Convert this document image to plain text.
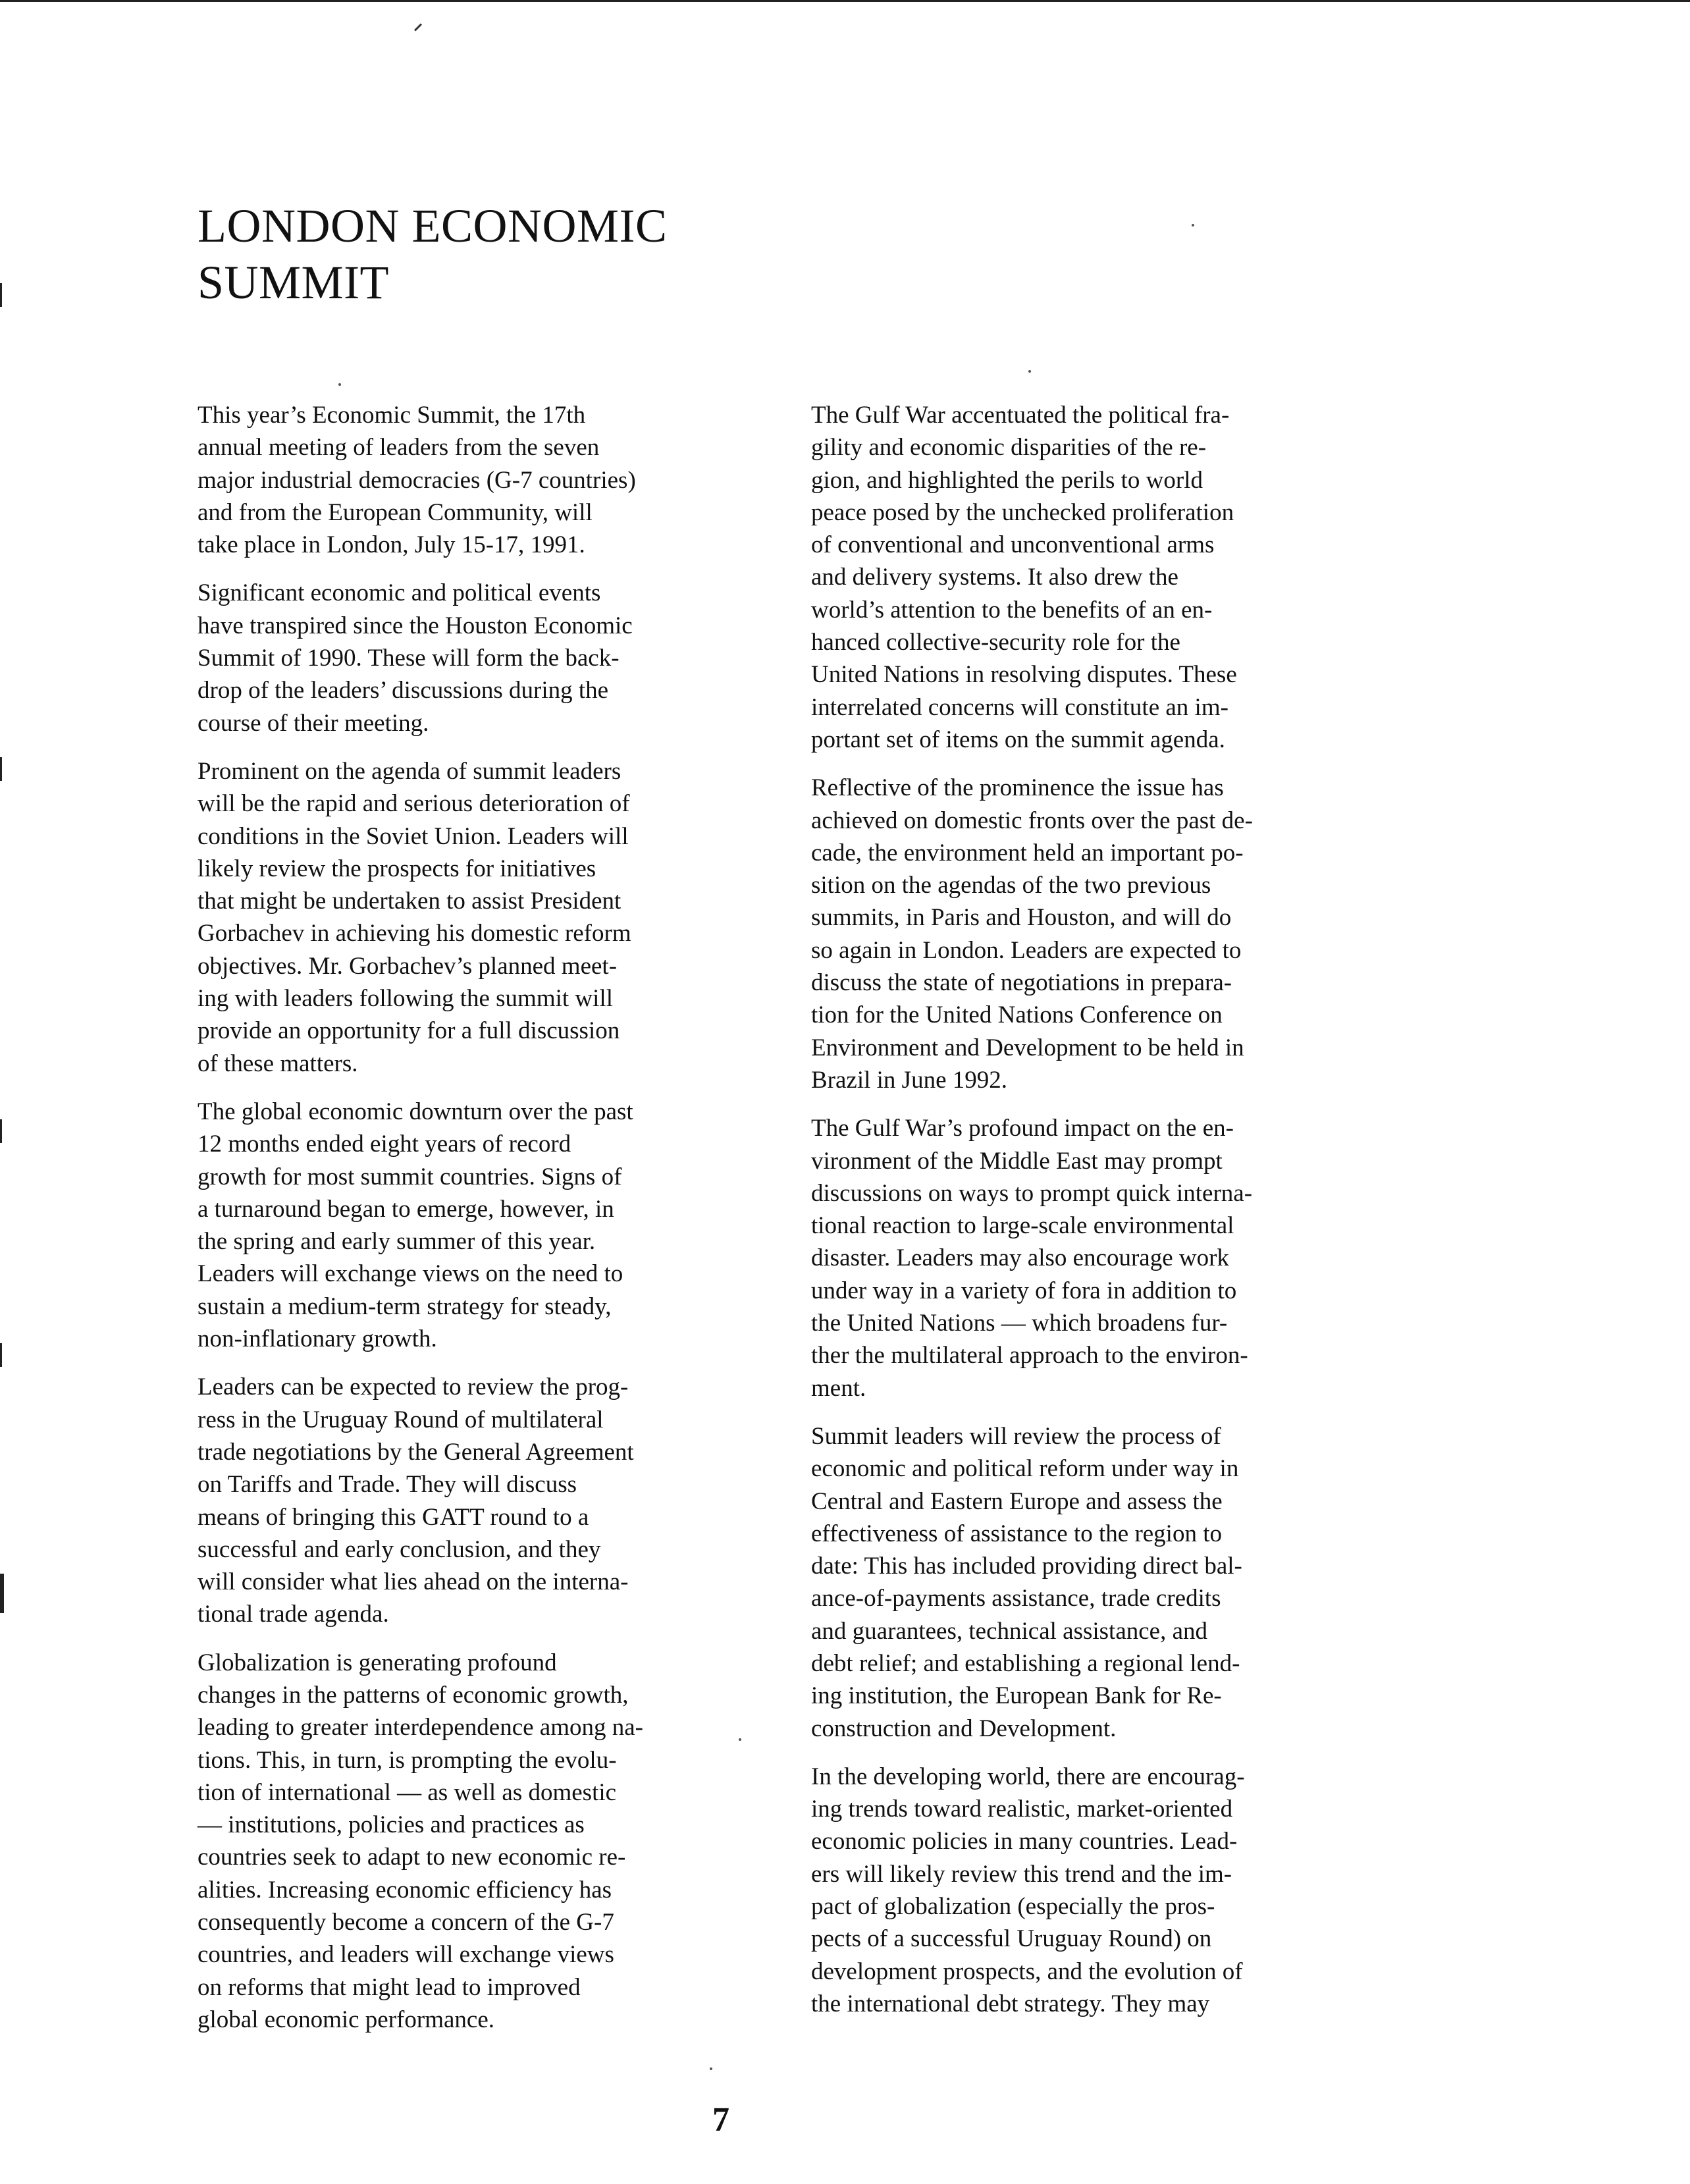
LONDON ECONOMIC
SUMMIT

This year’s Economic Summit, the 17th
annual meeting of leaders from the seven
major industrial democracies (G-7 countries)
and from the European Community, will
take place in London, July 15-17, 1991.

Significant economic and political events
have transpired since the Houston Economic
Summit of 1990. These will form the back-
drop of the leaders’ discussions during the
course of their meeting.

Prominent on the agenda of summit leaders
will be the rapid and serious deterioration of
conditions in the Soviet Union. Leaders will
likely review the prospects for initiatives
that might be undertaken to assist President
Gorbachev in achieving his domestic reform
objectives. Mr. Gorbachev’s planned meet-
ing with leaders following the summit will
provide an opportunity for a full discussion
of these matters.

The global economic downturn over the past
12 months ended eight years of record
growth for most summit countries. Signs of
a turnaround began to emerge, however, in
the spring and early summer of this year.
Leaders will exchange views on the need to
sustain a medium-term strategy for steady,
non-inflationary growth.

Leaders can be expected to review the prog-
ress in the Uruguay Round of multilateral
trade negotiations by the General Agreement
on Tariffs and Trade. They will discuss
means of bringing this GATT round to a
successful and early conclusion, and they
will consider what lies ahead on the interna-
tional trade agenda.

Globalization is generating profound
changes in the patterns of economic growth,
leading to greater interdependence among na-
tions. This, in turn, is prompting the evolu-
tion of international — as well as domestic
— institutions, policies and practices as
countries seek to adapt to new economic re-
alities. Increasing economic efficiency has
consequently become a concern of the G-7
countries, and leaders will exchange views
on reforms that might lead to improved
global economic performance.

The Gulf War accentuated the political fra-
gility and economic disparities of the re-
gion, and highlighted the perils to world
peace posed by the unchecked proliferation
of conventional and unconventional arms
and delivery systems. It also drew the
world’s attention to the benefits of an en-
hanced collective-security role for the
United Nations in resolving disputes. These
interrelated concerns will constitute an im-
portant set of items on the summit agenda.

Reflective of the prominence the issue has
achieved on domestic fronts over the past de-
cade, the environment held an important po-
sition on the agendas of the two previous
summits, in Paris and Houston, and will do
so again in London. Leaders are expected to
discuss the state of negotiations in prepara-
tion for the United Nations Conference on
Environment and Development to be held in
Brazil in June 1992.

The Gulf War’s profound impact on the en-
vironment of the Middle East may prompt
discussions on ways to prompt quick interna-
tional reaction to large-scale environmental
disaster. Leaders may also encourage work
under way in a variety of fora in addition to
the United Nations — which broadens fur-
ther the multilateral approach to the environ-
ment.

Summit leaders will review the process of
economic and political reform under way in
Central and Eastern Europe and assess the
effectiveness of assistance to the region to
date: This has included providing direct bal-
ance-of-payments assistance, trade credits
and guarantees, technical assistance, and
debt relief; and establishing a regional lend-
ing institution, the European Bank for Re-
construction and Development.

In the developing world, there are encourag-
ing trends toward realistic, market-oriented
economic policies in many countries. Lead-
ers will likely review this trend and the im-
pact of globalization (especially the pros-
pects of a successful Uruguay Round) on
development prospects, and the evolution of
the international debt strategy. They may

7
